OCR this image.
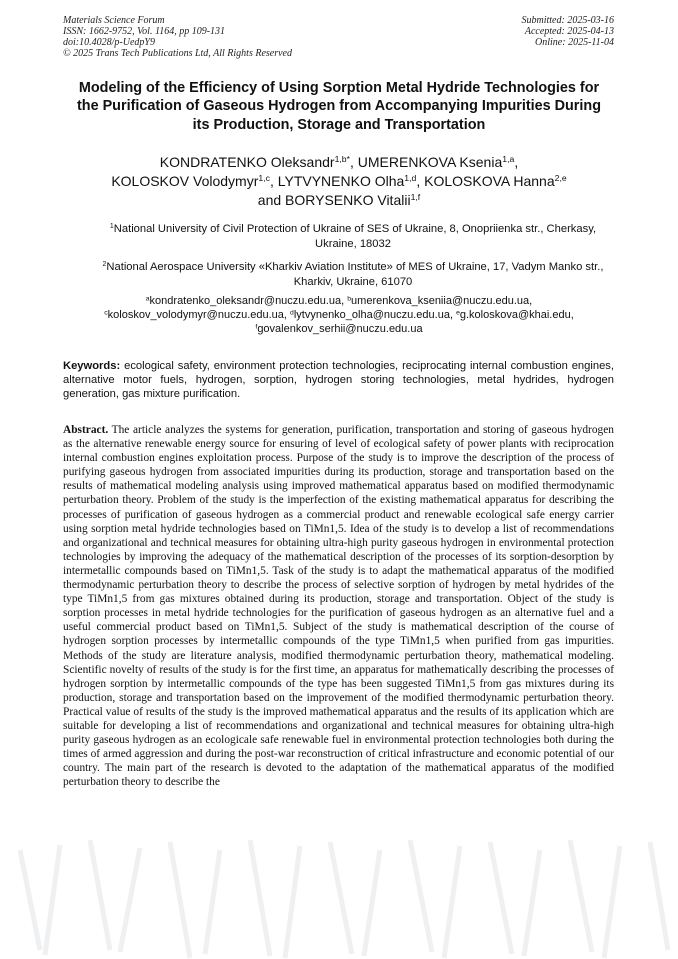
Materials Science Forum
ISSN: 1662-9752, Vol. 1164, pp 109-131
doi:10.4028/p-UedpY9
© 2025 Trans Tech Publications Ltd, All Rights Reserved
Submitted: 2025-03-16
Accepted: 2025-04-13
Online: 2025-11-04
Modeling of the Efficiency of Using Sorption Metal Hydride Technologies for the Purification of Gaseous Hydrogen from Accompanying Impurities During its Production, Storage and Transportation
KONDRATENKO Oleksandr$^{1,b*}$, UMERENKOVA Ksenia$^{1,a}$,
KOLOSKOV Volodymyr$^{1,c}$, LYTVYNENKO Olha$^{1,d}$, KOLOSKOVA Hanna$^{2,e}$
and BORYSENKO Vitalii$^{1,f}$
$^1$National University of Civil Protection of Ukraine of SES of Ukraine, 8, Onopriienka str., Cherkasy, Ukraine, 18032
$^2$National Aerospace University «Kharkiv Aviation Institute» of MES of Ukraine, 17, Vadym Manko str., Kharkiv, Ukraine, 61070
$^a$kondratenko_oleksandr@nuczu.edu.ua, $^b$umerenkova_kseniia@nuczu.edu.ua,
$^c$koloskov_volodymyr@nuczu.edu.ua, $^d$lytvynenko_olha@nuczu.edu.ua, $^e$g.koloskova@khai.edu,
$^f$govalenkov_serhii@nuczu.edu.ua
Keywords: ecological safety, environment protection technologies, reciprocating internal combustion engines, alternative motor fuels, hydrogen, sorption, hydrogen storing technologies, metal hydrides, hydrogen generation, gas mixture purification.
Abstract. The article analyzes the systems for generation, purification, transportation and storing of gaseous hydrogen as the alternative renewable energy source for ensuring of level of ecological safety of power plants with reciprocation internal combustion engines exploitation process. Purpose of the study is to improve the description of the process of purifying gaseous hydrogen from associated impurities during its production, storage and transportation based on the results of mathematical modeling analysis using improved mathematical apparatus based on modified thermodynamic perturbation theory. Problem of the study is the imperfection of the existing mathematical apparatus for describing the processes of purification of gaseous hydrogen as a commercial product and renewable ecological safe energy carrier using sorption metal hydride technologies based on TiMn1,5. Idea of the study is to develop a list of recommendations and organizational and technical measures for obtaining ultra-high purity gaseous hydrogen in environmental protection technologies by improving the adequacy of the mathematical description of the processes of its sorption-desorption by intermetallic compounds based on TiMn1,5. Task of the study is to adapt the mathematical apparatus of the modified thermodynamic perturbation theory to describe the process of selective sorption of hydrogen by metal hydrides of the type TiMn1,5 from gas mixtures obtained during its production, storage and transportation. Object of the study is sorption processes in metal hydride technologies for the purification of gaseous hydrogen as an alternative fuel and a useful commercial product based on TiMn1,5. Subject of the study is mathematical description of the course of hydrogen sorption processes by intermetallic compounds of the type TiMn1,5 when purified from gas impurities. Methods of the study are literature analysis, modified thermodynamic perturbation theory, mathematical modeling. Scientific novelty of results of the study is for the first time, an apparatus for mathematically describing the processes of hydrogen sorption by intermetallic compounds of the type has been suggested TiMn1,5 from gas mixtures during its production, storage and transportation based on the improvement of the modified thermodynamic perturbation theory. Practical value of results of the study is the improved mathematical apparatus and the results of its application which are suitable for developing a list of recommendations and organizational and technical measures for obtaining ultra-high purity gaseous hydrogen as an ecologicale safe renewable fuel in environmental protection technologies both during the times of armed aggression and during the post-war reconstruction of critical infrastructure and economic potential of our country. The main part of the research is devoted to the adaptation of the mathematical apparatus of the modified perturbation theory to describe the
